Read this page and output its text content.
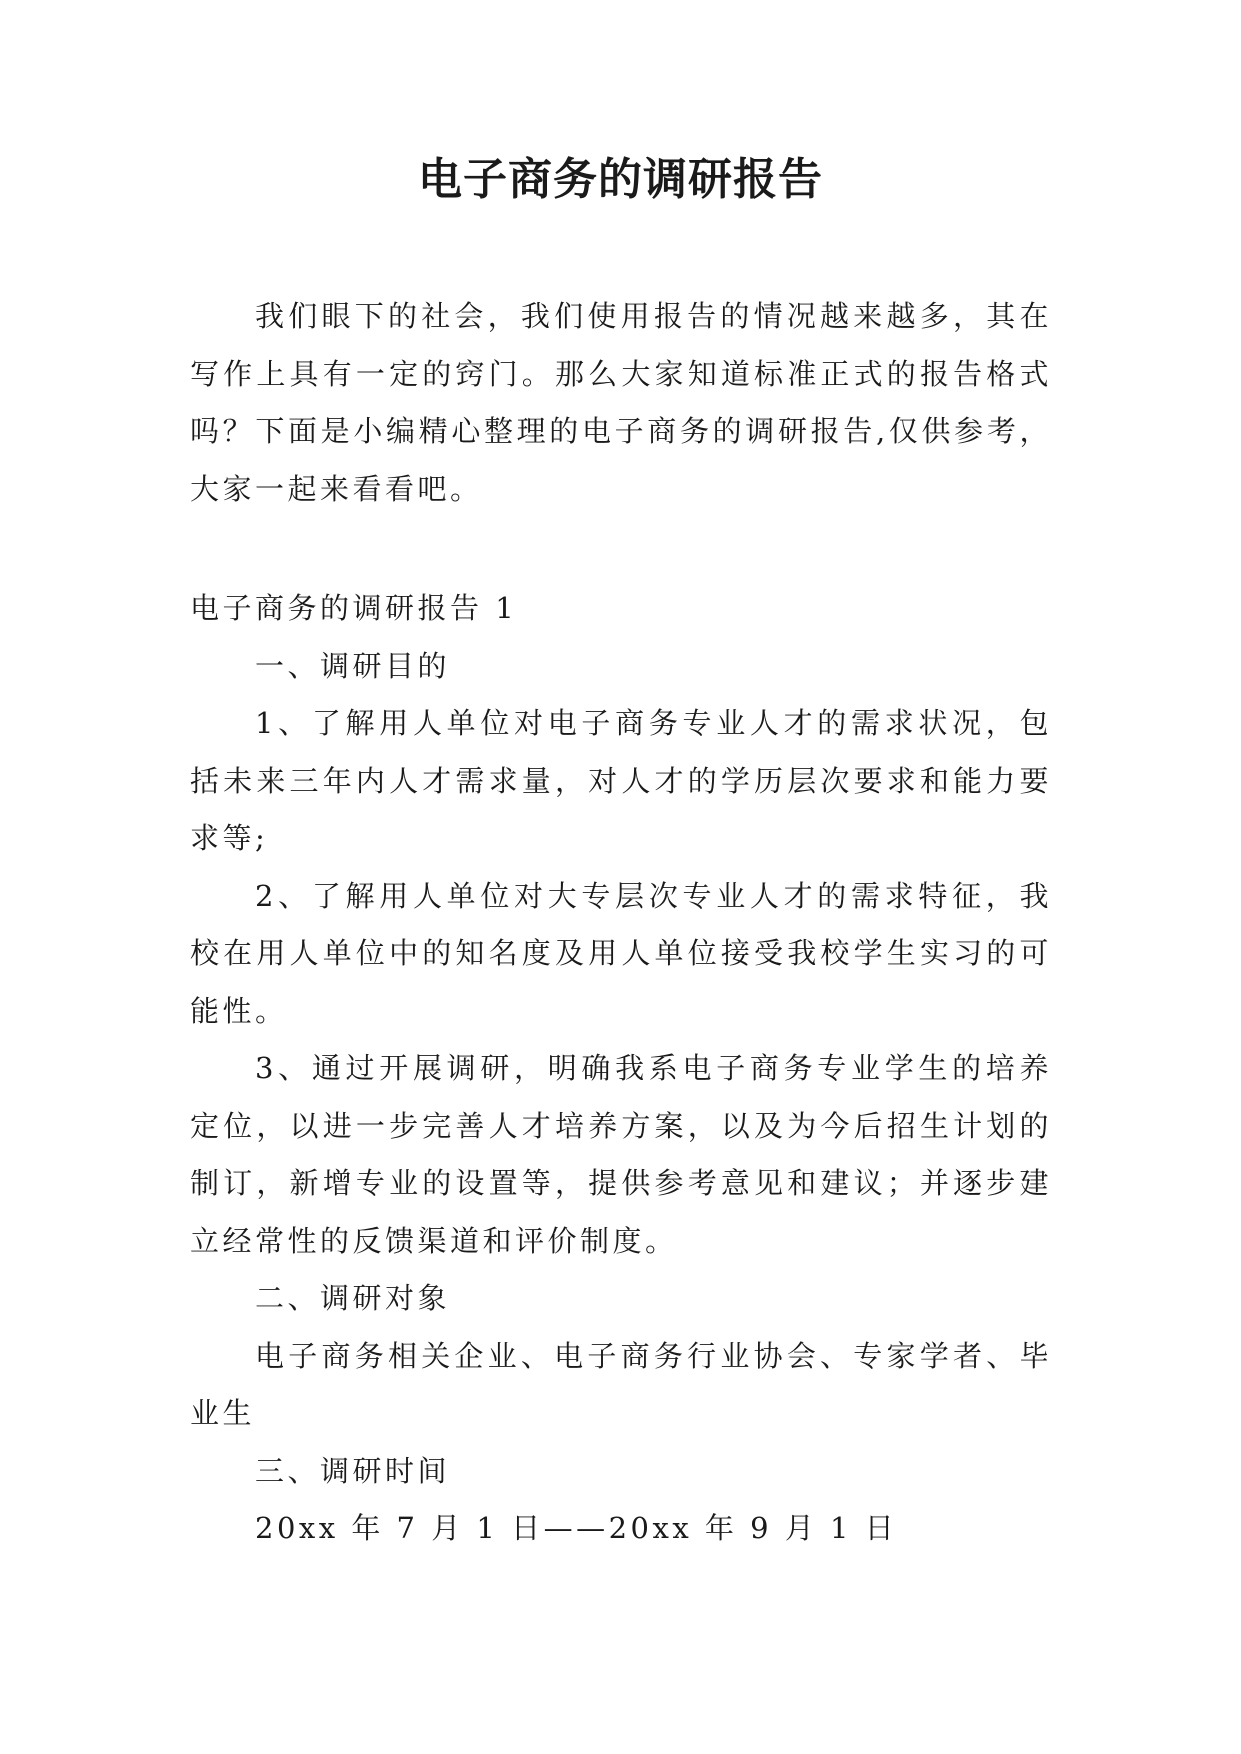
电子商务的调研报告

我们眼下的社会，我们使用报告的情况越来越多，其在写作上具有一定的窍门。那么大家知道标准正式的报告格式吗？下面是小编精心整理的电子商务的调研报告,仅供参考，大家一起来看看吧。

电子商务的调研报告 1

一、调研目的

1、了解用人单位对电子商务专业人才的需求状况，包括未来三年内人才需求量，对人才的学历层次要求和能力要求等;

2、了解用人单位对大专层次专业人才的需求特征，我校在用人单位中的知名度及用人单位接受我校学生实习的可能性。

3、通过开展调研，明确我系电子商务专业学生的培养定位，以进一步完善人才培养方案，以及为今后招生计划的制订，新增专业的设置等，提供参考意见和建议；并逐步建立经常性的反馈渠道和评价制度。

二、调研对象

电子商务相关企业、电子商务行业协会、专家学者、毕业生

三、调研时间

20xx 年 7 月 1 日——20xx 年 9 月 1 日
